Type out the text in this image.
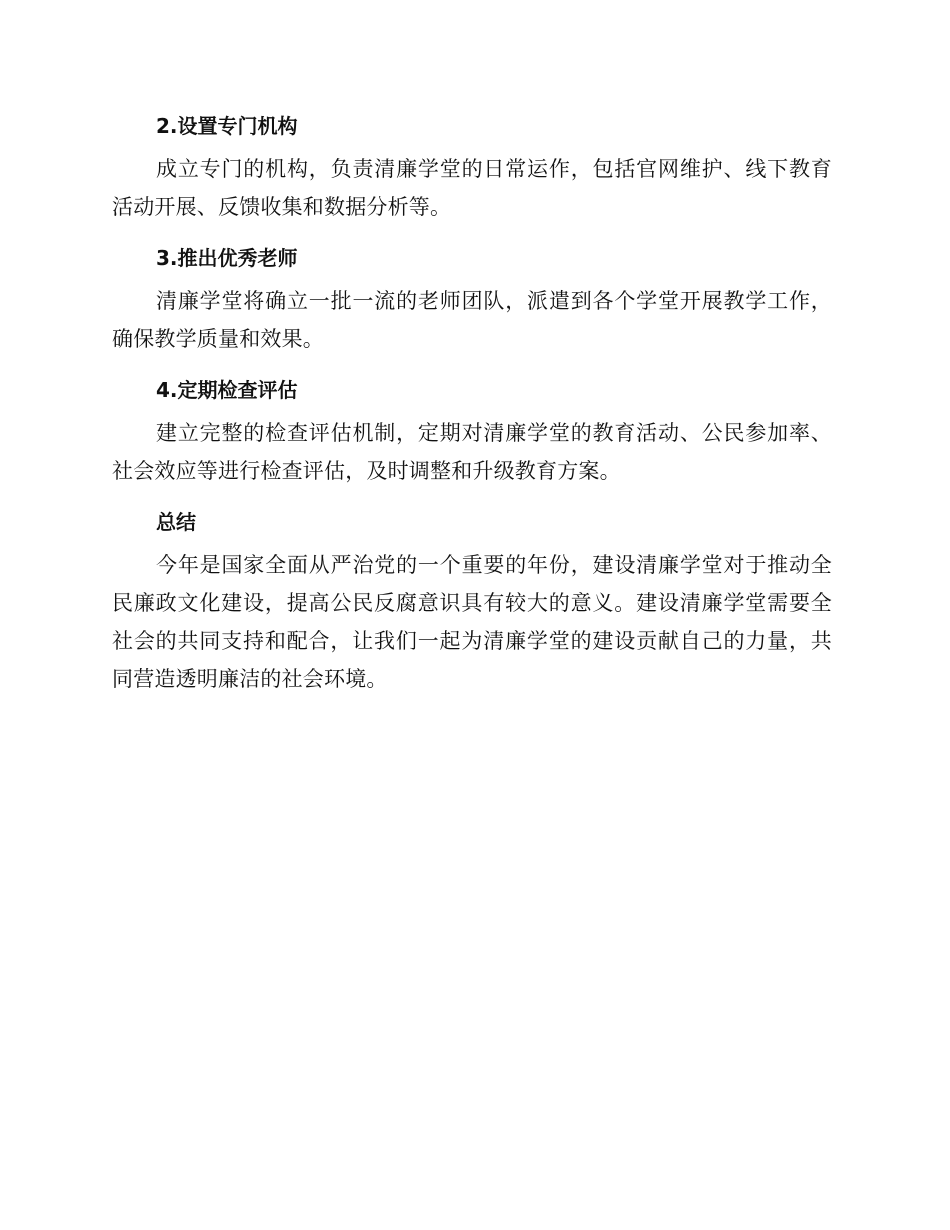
2.设置专门机构

成立专门的机构，负责清廉学堂的日常运作，包括官网维护、线下教育活动开展、反馈收集和数据分析等。

3.推出优秀老师

清廉学堂将确立一批一流的老师团队，派遣到各个学堂开展教学工作，确保教学质量和效果。

4.定期检查评估

建立完整的检查评估机制，定期对清廉学堂的教育活动、公民参加率、社会效应等进行检查评估，及时调整和升级教育方案。

总结

今年是国家全面从严治党的一个重要的年份，建设清廉学堂对于推动全民廉政文化建设，提高公民反腐意识具有较大的意义。建设清廉学堂需要全社会的共同支持和配合，让我们一起为清廉学堂的建设贡献自己的力量，共同营造透明廉洁的社会环境。
